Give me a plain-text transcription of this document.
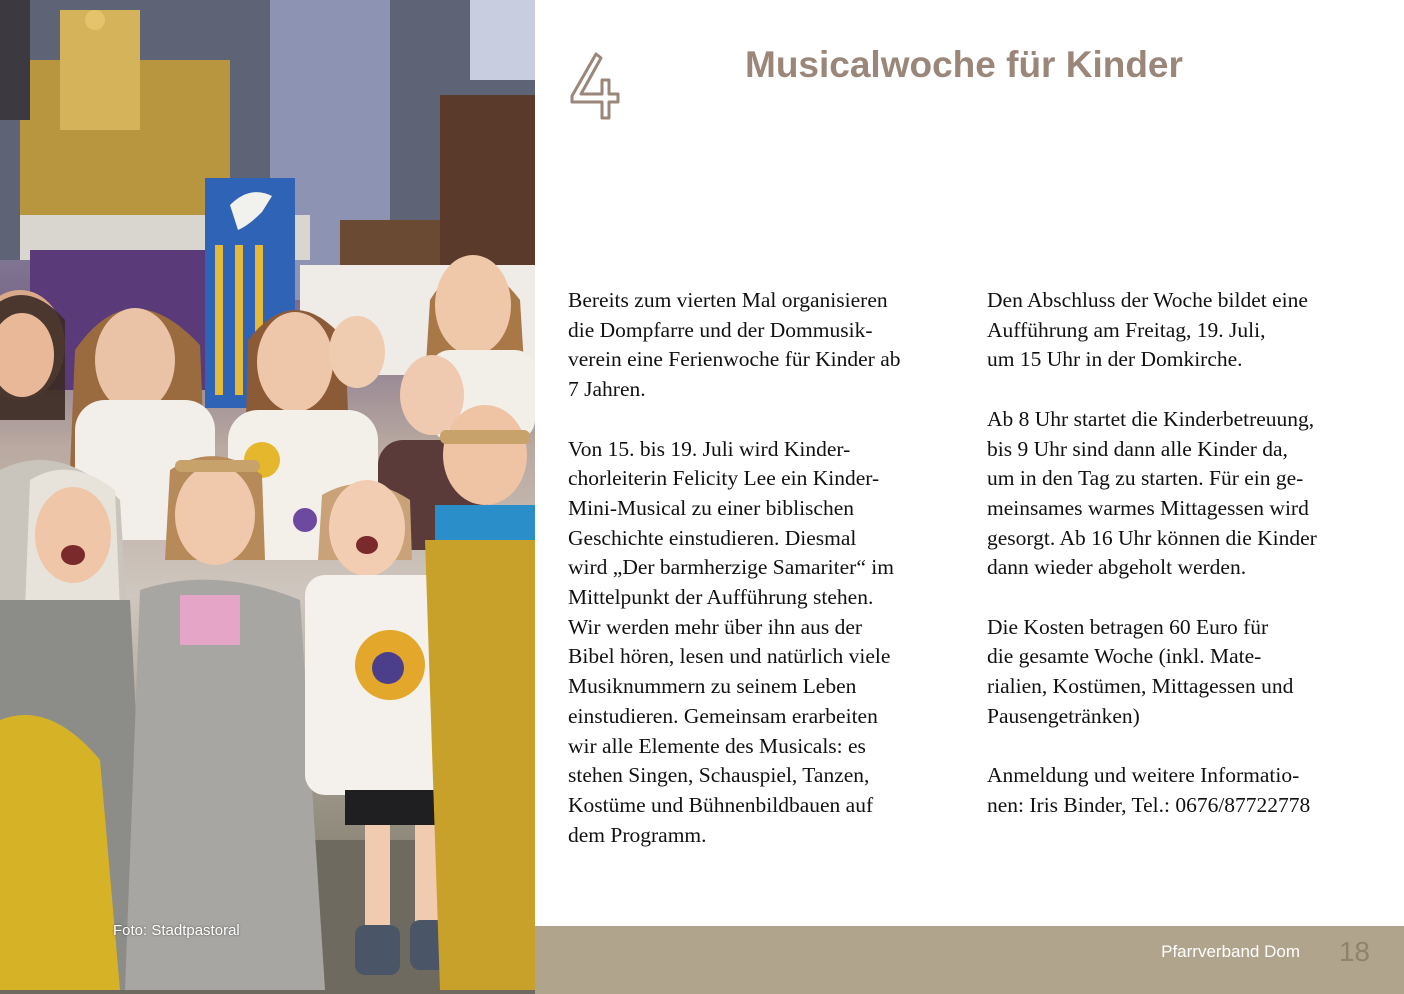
Foto: Stadtpastoral
Musicalwoche für Kinder

Bereits zum vierten Mal organisieren
die Dompfarre und der Dommusik-
verein eine Ferienwoche für Kinder ab
7 Jahren.

Von 15. bis 19. Juli wird Kinder-
chorleiterin Felicity Lee ein Kinder-
Mini-Musical zu einer biblischen
Geschichte einstudieren. Diesmal
wird „Der barmherzige Samariter“ im
Mittelpunkt der Aufführung stehen.
Wir werden mehr über ihn aus der
Bibel hören, lesen und natürlich viele
Musiknummern zu seinem Leben
einstudieren. Gemeinsam erarbeiten
wir alle Elemente des Musicals: es
stehen Singen, Schauspiel, Tanzen,
Kostüme und Bühnenbildbauen auf
dem Programm.

Den Abschluss der Woche bildet eine
Aufführung am Freitag, 19. Juli,
um 15 Uhr in der Domkirche.

Ab 8 Uhr startet die Kinderbetreuung,
bis 9 Uhr sind dann alle Kinder da,
um in den Tag zu starten. Für ein ge-
meinsames warmes Mittagessen wird
gesorgt. Ab 16 Uhr können die Kinder
dann wieder abgeholt werden.

Die Kosten betragen 60 Euro für
die gesamte Woche (inkl. Mate-
rialien, Kostümen, Mittagessen und
Pausengetränken)

Anmeldung und weitere Informatio-
nen: Iris Binder, Tel.: 0676/87722778

Pfarrverband Dom 18
